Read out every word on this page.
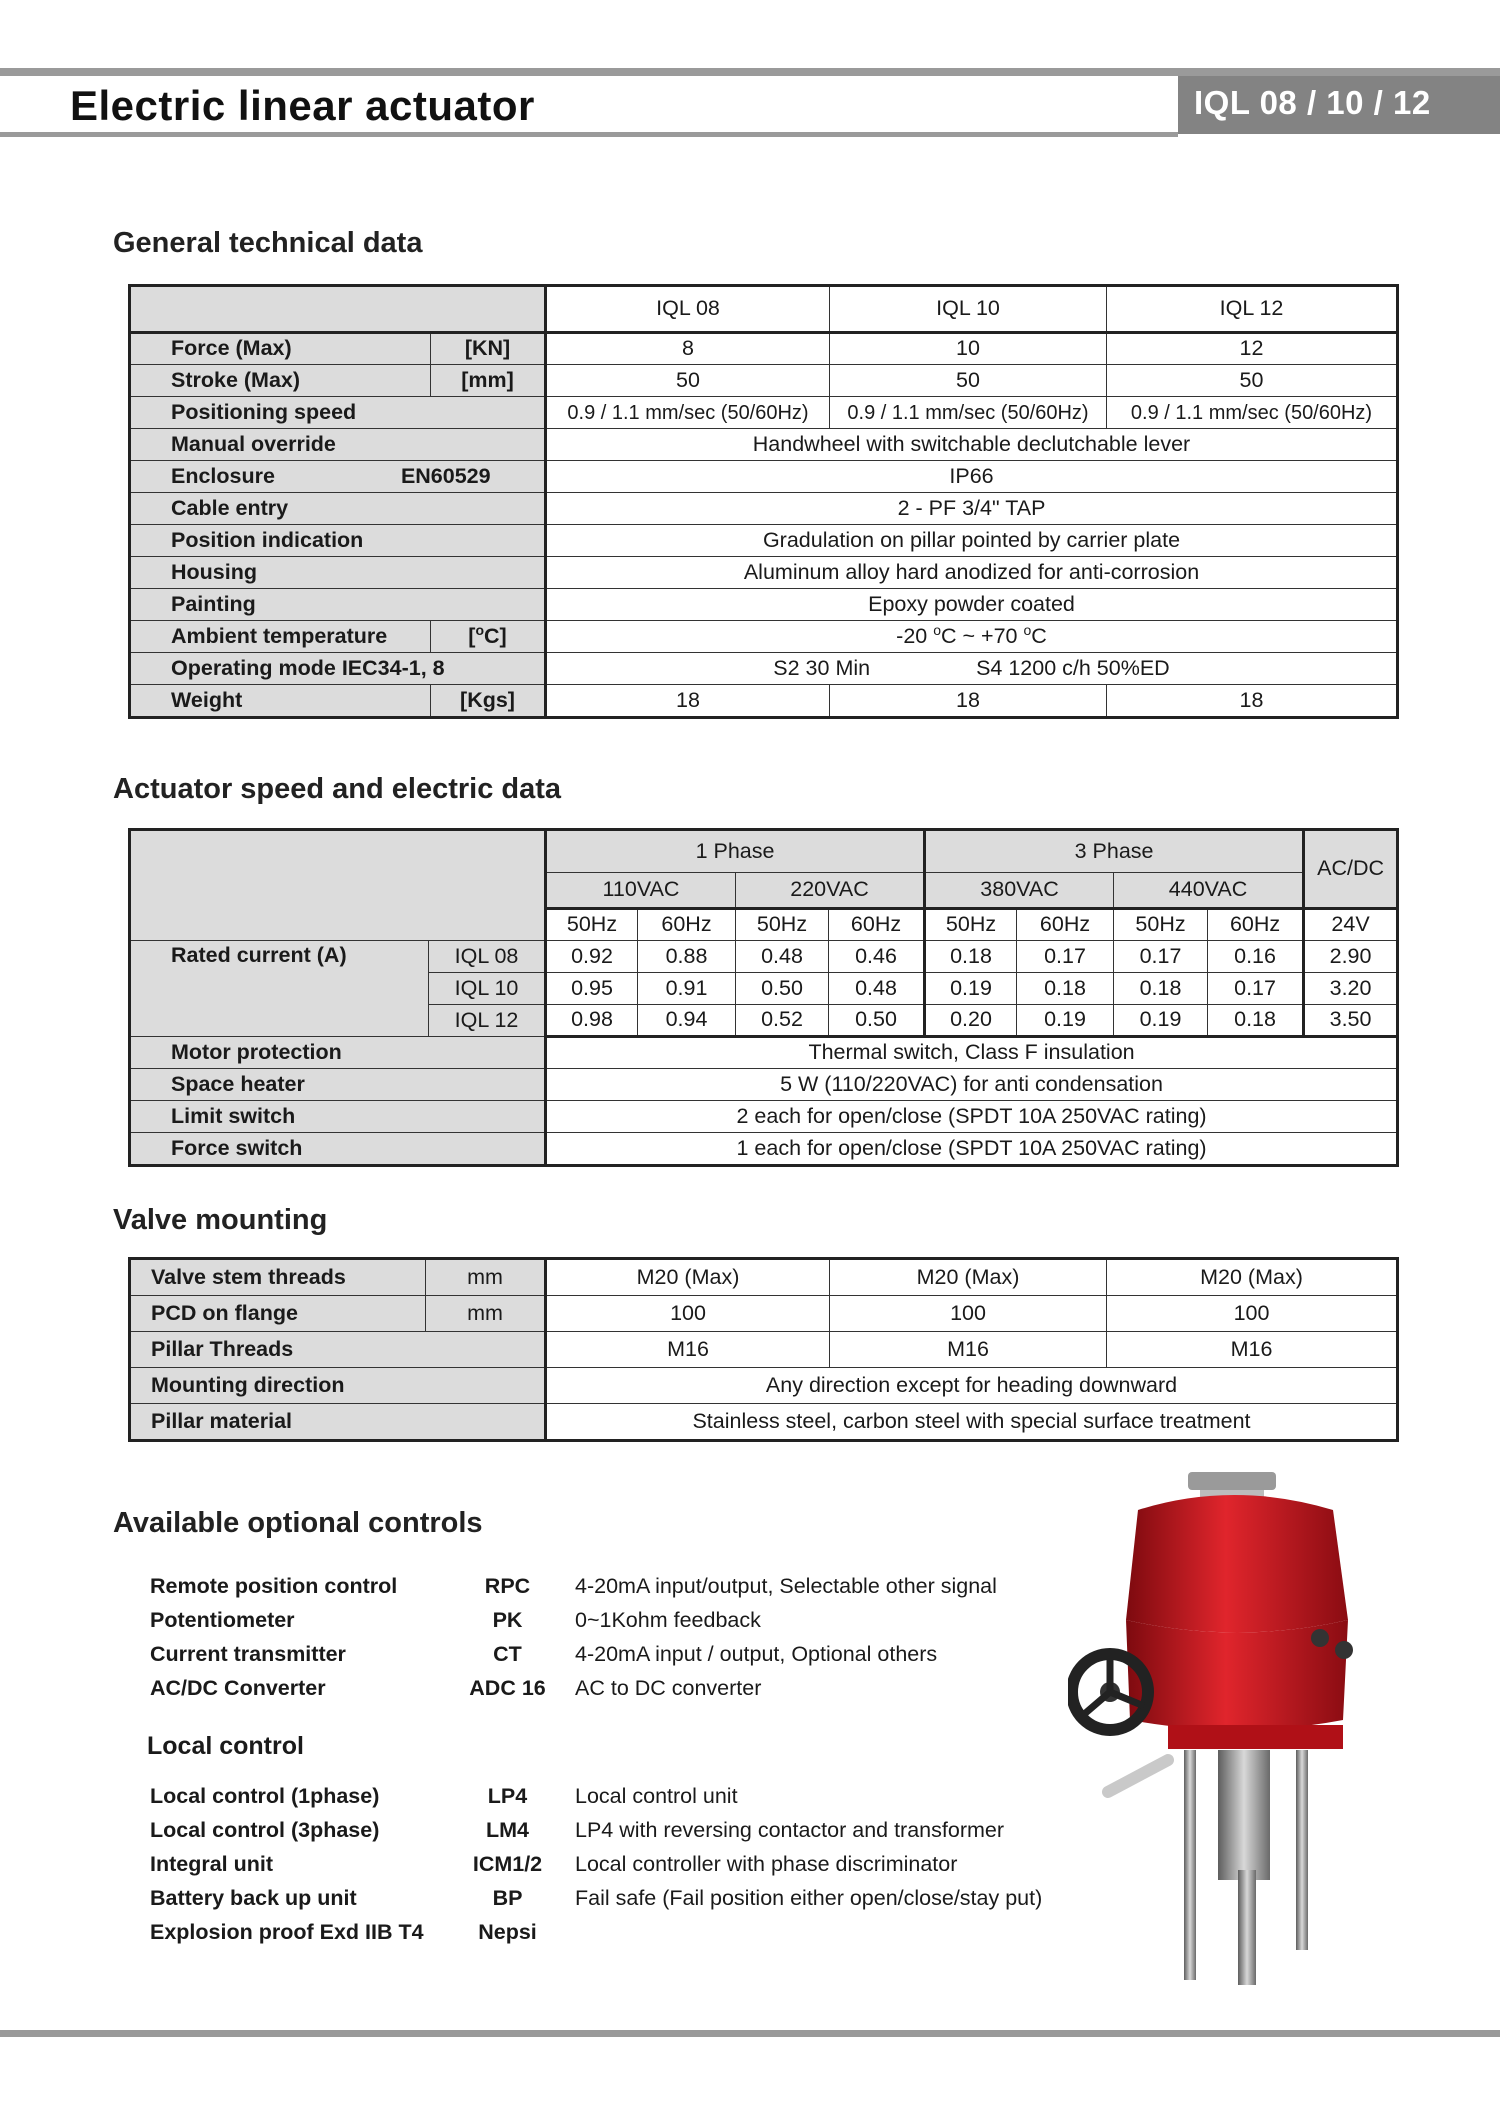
Electric linear actuator	IQL 08 / 10 / 12
General technical data
		IQL 08	IQL 10	IQL 12
Force (Max)	[KN]	8	10	12
Stroke (Max)	[mm]	50	50	50
Positioning speed		0.9 / 1.1 mm/sec (50/60Hz)	0.9 / 1.1 mm/sec (50/60Hz)	0.9 / 1.1 mm/sec (50/60Hz)
Manual override		Handwheel with switchable declutchable lever		
Enclosure EN60529		IP66		
Cable entry		2 - PF 3/4" TAP		
Position indication		Gradulation on pillar pointed by carrier plate		
Housing		Aluminum alloy hard anodized for anti-corrosion		
Painting		Epoxy powder coated		
Ambient temperature	[$^o$C]	-20 $^o$C ~ +70 $^o$C		
Operating mode IEC34-1, 8		S2 30 Min S4 1200 c/h 50%ED		
Weight	[Kgs]	18	18	18
Actuator speed and electric data
		1 Phase				3 Phase				AC/DC
		110VAC		220VAC		380VAC		440VAC		
		50Hz	60Hz	50Hz	60Hz	50Hz	60Hz	50Hz	60Hz	24V
Rated current (A)	IQL 08	0.92	0.88	0.48	0.46	0.18	0.17	0.17	0.16	2.90
	IQL 10	0.95	0.91	0.50	0.48	0.19	0.18	0.18	0.17	3.20
	IQL 12	0.98	0.94	0.52	0.50	0.20	0.19	0.19	0.18	3.50
Motor protection		Thermal switch, Class F insulation								
Space heater		5 W (110/220VAC) for anti condensation								
Limit switch		2 each for open/close (SPDT 10A 250VAC rating)								
Force switch		1 each for open/close (SPDT 10A 250VAC rating)								
Valve mounting
Valve stem threads	mm	M20 (Max)	M20 (Max)	M20 (Max)
PCD on flange	mm	100	100	100
Pillar Threads		M16	M16	M16
Mounting direction		Any direction except for heading downward		
Pillar material		Stainless steel, carbon steel with special surface treatment		
Available optional controls
Remote position control	RPC	4-20mA input/output, Selectable other signal
Potentiometer	PK	0~1Kohm feedback
Current transmitter	CT	4-20mA input / output, Optional others
AC/DC Converter	ADC 16	AC to DC converter
Local control
Local control (1phase)	LP4	Local control unit
Local control (3phase)	LM4	LP4 with reversing contactor and transformer
Integral unit	ICM1/2	Local controller with phase discriminator
Battery back up unit	BP	Fail safe (Fail position either open/close/stay put)
Explosion proof Exd IIB T4	Nepsi	
